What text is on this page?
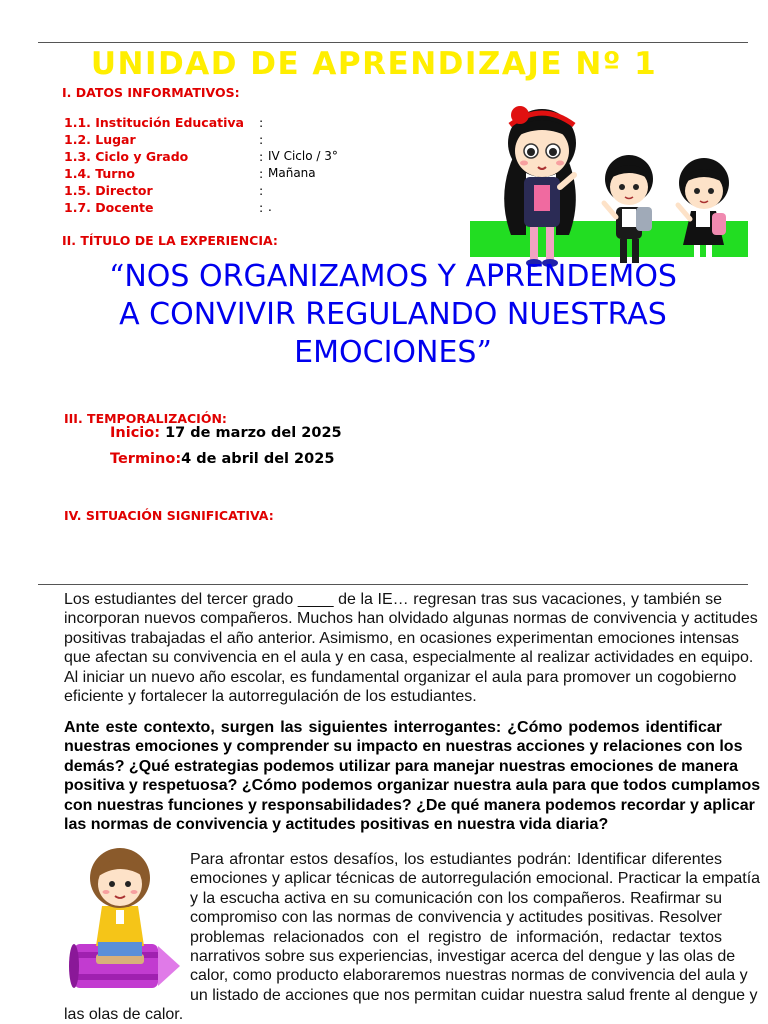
UNIDAD DE APRENDIZAJE Nº 1
I. DATOS INFORMATIVOS:
1.1. Institución Educativa :
1.2. Lugar	:
1.3. Ciclo y Grado	: IV Ciclo / 3°
1.4. Turno	: Mañana
1.5. Director	:
1.7. Docente	: .
II. TÍTULO DE LA EXPERIENCIA:
“NOS ORGANIZAMOS Y APRENDEMOS
A CONVIVIR REGULANDO NUESTRAS
EMOCIONES”
III. TEMPORALIZACIÓN:
Inicio: 17 de marzo del 2025
Termino:4 de abril del 2025
IV. SITUACIÓN SIGNIFICATIVA:
Los estudiantes del tercer grado ____ de la IE… regresan tras sus vacaciones, y también se
incorporan nuevos compañeros. Muchos han olvidado algunas normas de convivencia y actitudes
positivas trabajadas el año anterior. Asimismo, en ocasiones experimentan emociones intensas
que afectan su convivencia en el aula y en casa, especialmente al realizar actividades en equipo.
Al iniciar un nuevo año escolar, es fundamental organizar el aula para promover un cogobierno
eficiente y fortalecer la autorregulación de los estudiantes.
Ante este contexto, surgen las siguientes interrogantes: ¿Cómo podemos identificar
nuestras emociones y comprender su impacto en nuestras acciones y relaciones con los
demás? ¿Qué estrategias podemos utilizar para manejar nuestras emociones de manera
positiva y respetuosa? ¿Cómo podemos organizar nuestra aula para que todos cumplamos
con nuestras funciones y responsabilidades? ¿De qué manera podemos recordar y aplicar
las normas de convivencia y actitudes positivas en nuestra vida diaria?
Para afrontar estos desafíos, los estudiantes podrán: Identificar diferentes
emociones y aplicar técnicas de autorregulación emocional. Practicar la empatía
y la escucha activa en su comunicación con los compañeros. Reafirmar su
compromiso con las normas de convivencia y actitudes positivas. Resolver
problemas relacionados con el registro de información, redactar textos
narrativos sobre sus experiencias, investigar acerca del dengue y las olas de
calor, como producto elaboraremos nuestras normas de convivencia del aula y
un listado de acciones que nos permitan cuidar nuestra salud frente al dengue y
las olas de calor.
